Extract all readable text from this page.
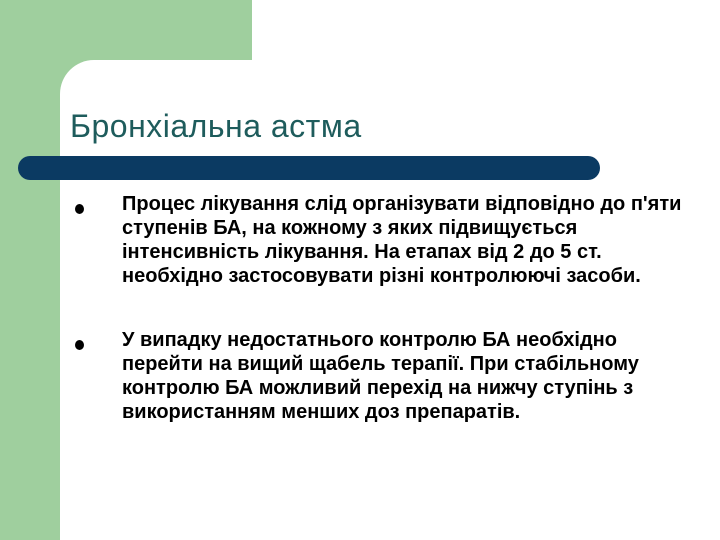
Бронхіальна астма
Процес лікування слід організувати відповідно до п'яти ступенів БА, на кожному з яких підвищується інтенсивність лікування. На етапах від 2 до 5 ст. необхідно застосовувати різні контролюючі засоби.
У випадку недостатнього контролю БА необхідно перейти на вищий щабель терапії. При стабільному контролю БА можливий перехід на нижчу ступінь з використанням менших доз препаратів.
